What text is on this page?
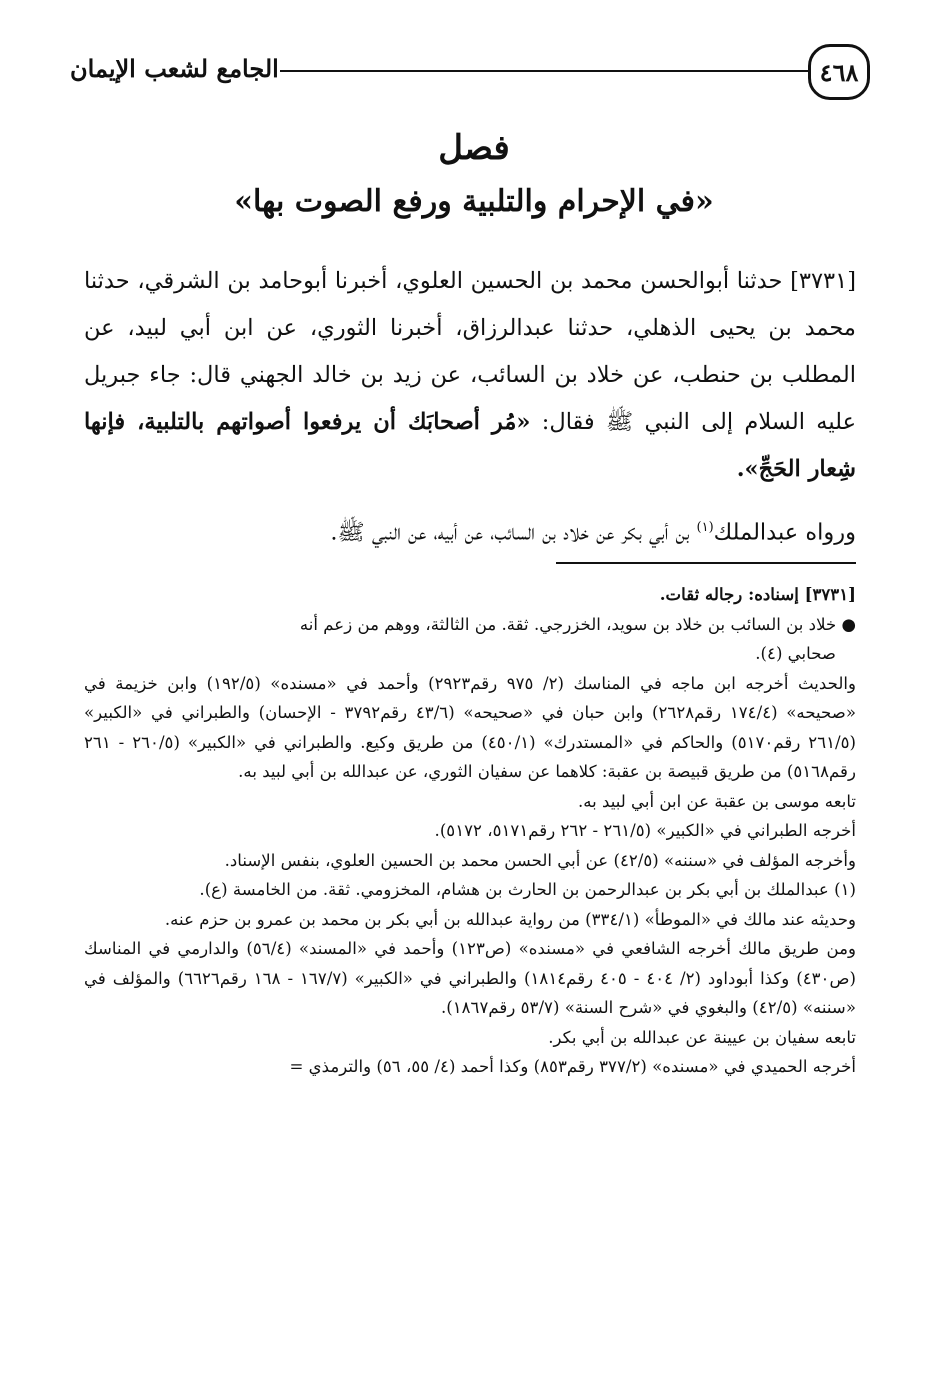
٤٦٨
الجامع لشعب الإيمان
فصل
«في الإحرام والتلبية ورفع الصوت بها»

[٣٧٣١] حدثنا أبوالحسن محمد بن الحسين العلوي، أخبرنا أبوحامد بن الشرقي، حدثنا محمد بن يحيى الذهلي، حدثنا عبدالرزاق، أخبرنا الثوري، عن ابن أبي لبيد، عن المطلب بن حنطب، عن خلاد بن السائب، عن زيد بن خالد الجهني قال: جاء جبريل عليه السلام إلى النبي ﷺ فقال: «مُر أصحابَك أن يرفعوا أصواتهم بالتلبية، فإنها شِعار الحَجِّ».

ورواه عبدالملك$^{(١)}$ بن أبي بكر عن خلاد بن السائب، عن أبيه، عن النبي ﷺ.

[٣٧٣١] إسناده: رجاله ثقات.

● خلاد بن السائب بن خلاد بن سويد، الخزرجي. ثقة. من الثالثة، ووهم من زعم أنه

صحابي (٤).

والحديث أخرجه ابن ماجه في المناسك (٢/ ٩٧٥ رقم٢٩٢٣) وأحمد في «مسنده» (١٩٢/٥) وابن خزيمة في «صحيحه» (١٧٤/٤ رقم٢٦٢٨) وابن حبان في «صحيحه» (٤٣/٦ رقم٣٧٩٢ - الإحسان) والطبراني في «الكبير» (٢٦١/٥ رقم٥١٧٠) والحاكم في «المستدرك» (٤٥٠/١) من طريق وكيع. والطبراني في «الكبير» (٢٦٠/٥ - ٢٦١ رقم٥١٦٨) من طريق قبيصة بن عقبة: كلاهما عن سفيان الثوري، عن عبدالله بن أبي لبيد به.

تابعه موسى بن عقبة عن ابن أبي لبيد به.

أخرجه الطبراني في «الكبير» (٢٦١/٥ - ٢٦٢ رقم٥١٧١، ٥١٧٢).

وأخرجه المؤلف في «سننه» (٤٢/٥) عن أبي الحسن محمد بن الحسين العلوي، بنفس الإسناد.

(١) عبدالملك بن أبي بكر بن عبدالرحمن بن الحارث بن هشام، المخزومي. ثقة. من الخامسة (ع).

وحديثه عند مالك في «الموطأ» (٣٣٤/١) من رواية عبدالله بن أبي بكر بن محمد بن عمرو بن حزم عنه.

ومن طريق مالك أخرجه الشافعي في «مسنده» (ص١٢٣) وأحمد في «المسند» (٥٦/٤) والدارمي في المناسك (ص٤٣٠) وكذا أبوداود (٢/ ٤٠٤ - ٤٠٥ رقم١٨١٤) والطبراني في «الكبير» (١٦٧/٧ - ١٦٨ رقم٦٦٢٦) والمؤلف في «سننه» (٤٢/٥) والبغوي في «شرح السنة» (٥٣/٧ رقم١٨٦٧).

تابعه سفيان بن عيينة عن عبدالله بن أبي بكر.

أخرجه الحميدي في «مسنده» (٣٧٧/٢ رقم٨٥٣) وكذا أحمد (٤/ ٥٥، ٥٦) والترمذي =
